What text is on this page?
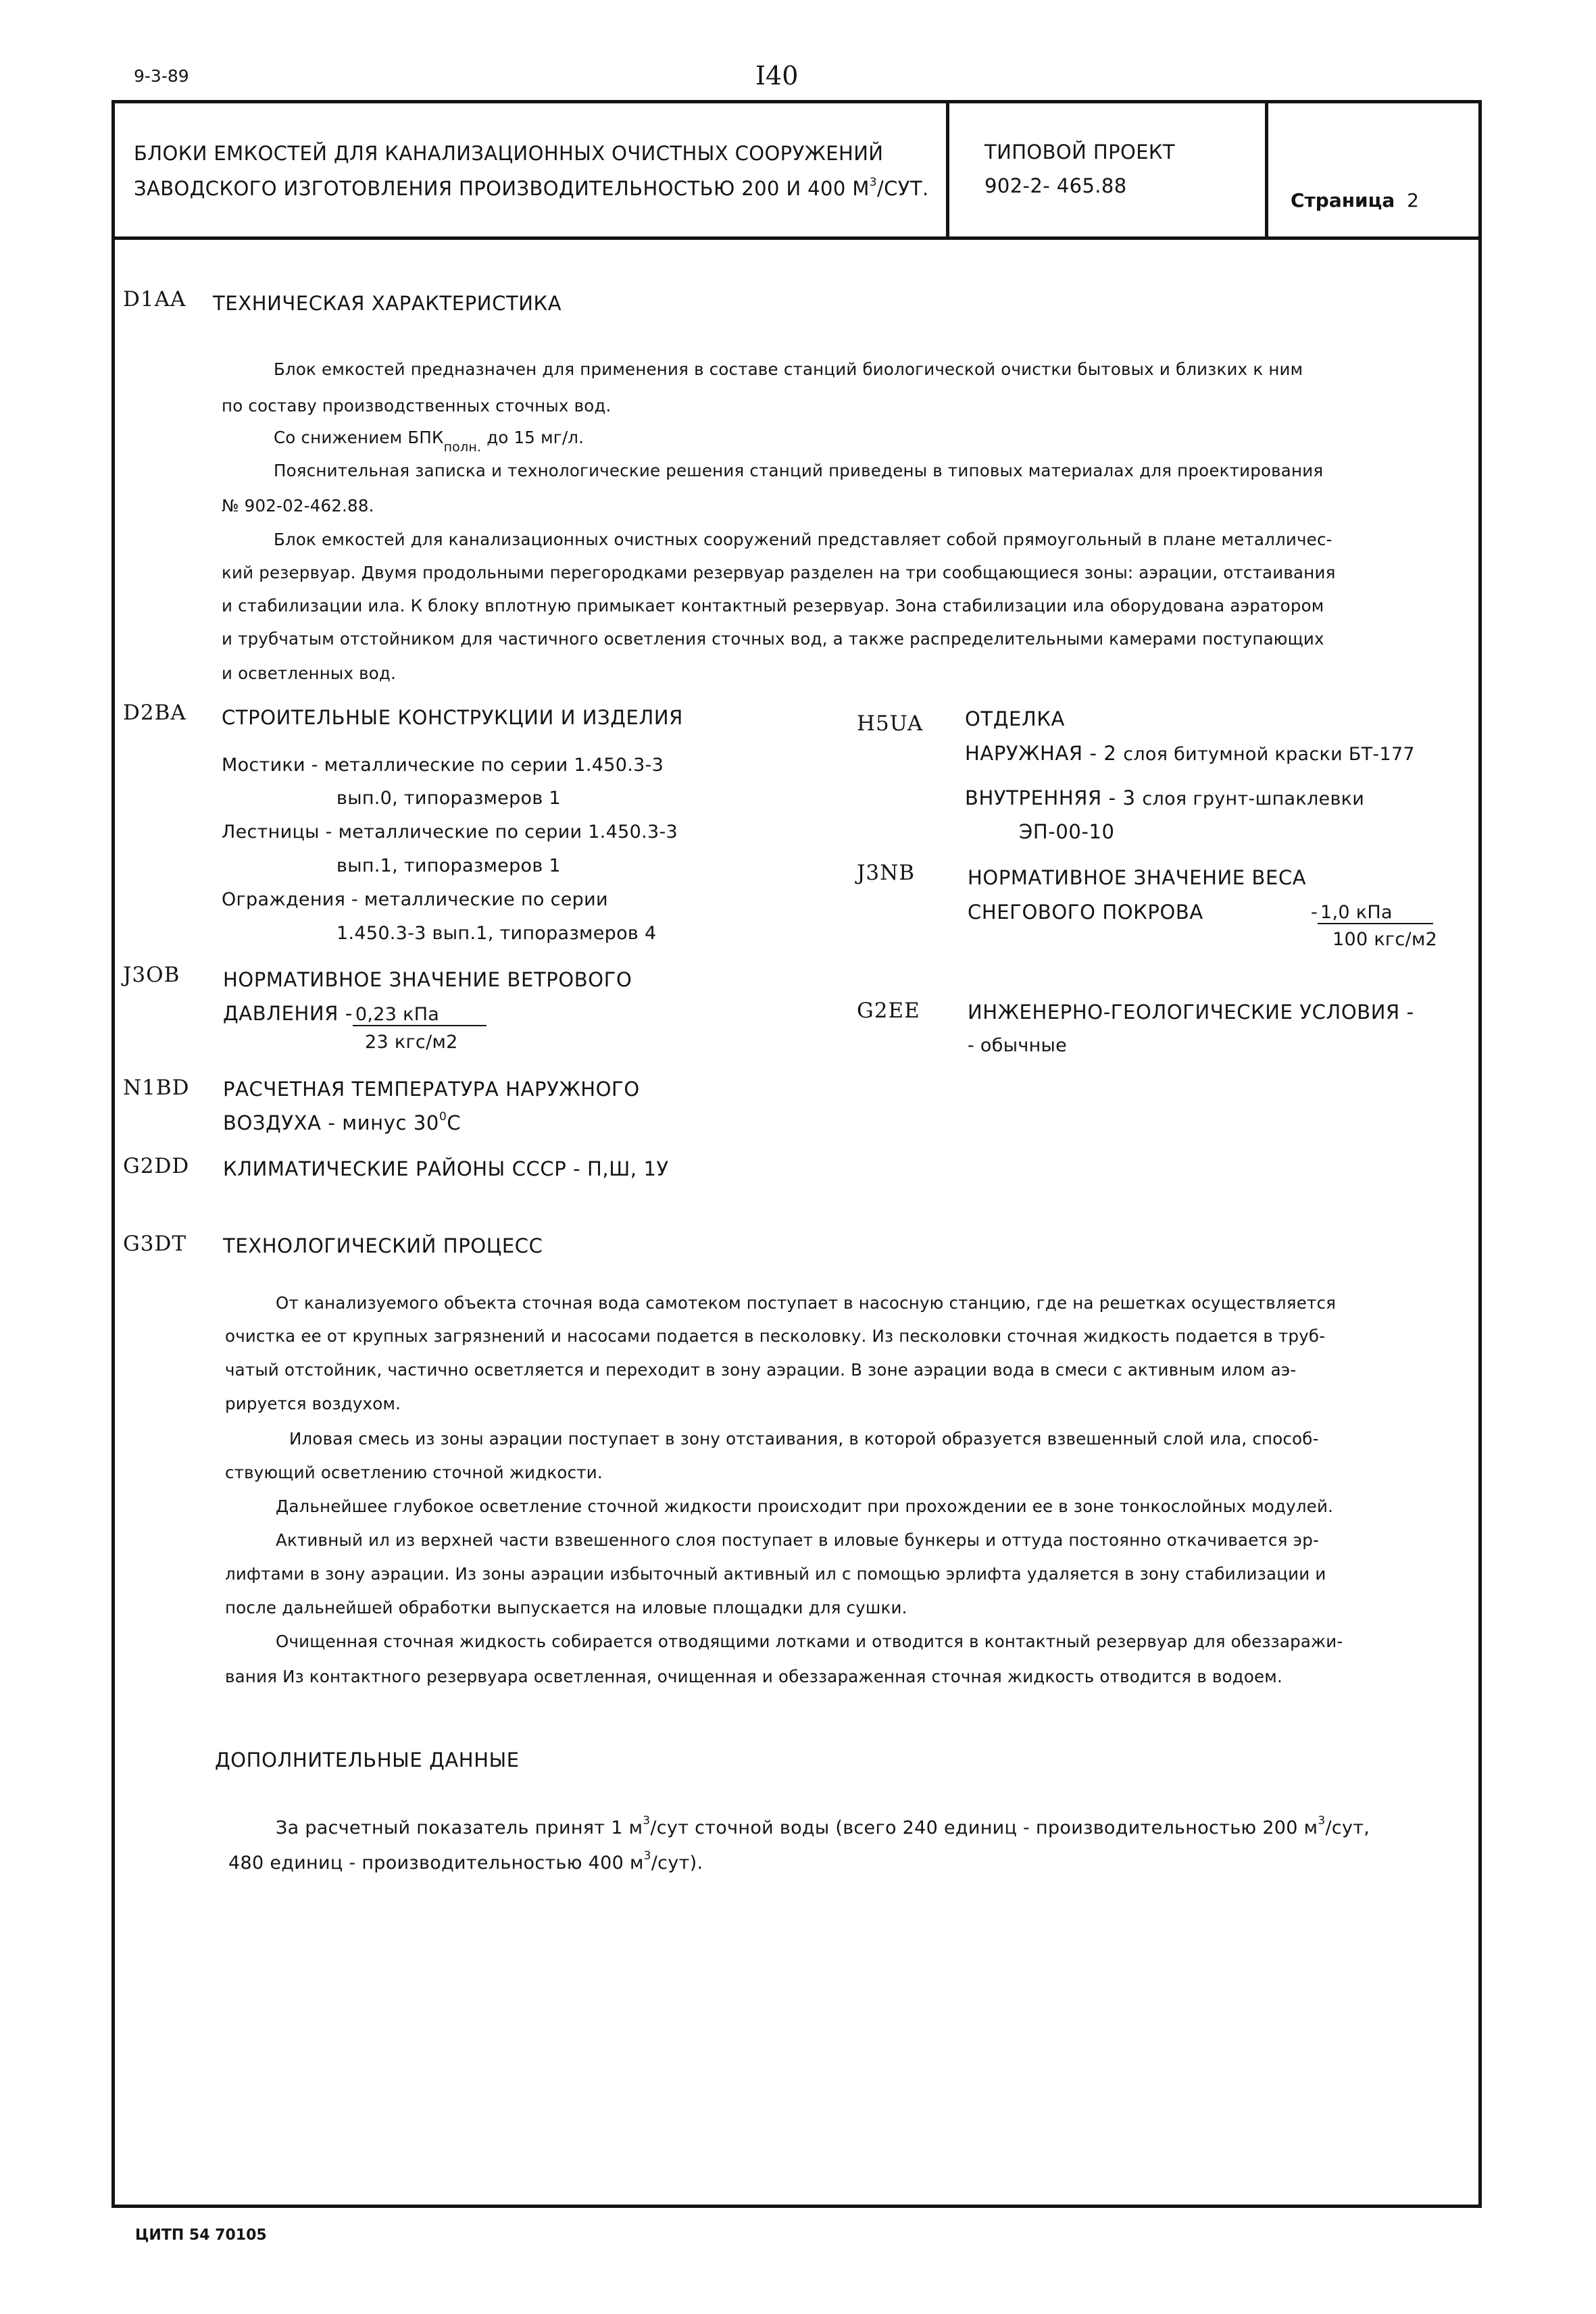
9-3-89	I40
БЛОКИ ЕМКОСТЕЙ ДЛЯ КАНАЛИЗАЦИОННЫХ ОЧИСТНЫХ СООРУЖЕНИЙ
ЗАВОДСКОГО ИЗГОТОВЛЕНИЯ ПРОИЗВОДИТЕЛЬНОСТЬЮ 200 И 400 $М^3$/СУТ.
ТИПОВОЙ ПРОЕКТ
902-2- 465.88
Страница 2
D1AA ТЕХНИЧЕСКАЯ ХАРАКТЕРИСТИКА
Блок емкостей предназначен для применения в составе станций биологической очистки бытовых и близких к ним
по составу производственных сточных вод.
Со снижением $БПК_{полн.}$ до 15 мг/л.
Пояснительная записка и технологические решения станций приведены в типовых материалах для проектирования
№ 902-02-462.88.
Блок емкостей для канализационных очистных сооружений представляет собой прямоугольный в плане металличес-
кий резервуар. Двумя продольными перегородками резервуар разделен на три сообщающиеся зоны: аэрации, отстаивания
и стабилизации ила. К блоку вплотную примыкает контактный резервуар. Зона стабилизации ила оборудована аэратором
и трубчатым отстойником для частичного осветления сточных вод, а также распределительными камерами поступающих
и осветленных вод.
D2BA СТРОИТЕЛЬНЫЕ КОНСТРУКЦИИ И ИЗДЕЛИЯ
Мостики - металлические по серии 1.450.3-3
вып.0, типоразмеров 1
Лестницы - металлические по серии 1.450.3-3
вып.1, типоразмеров 1
Ограждения - металлические по серии
1.450.3-3 вып.1, типоразмеров 4
H5UA ОТДЕЛКА
НАРУЖНАЯ - 2 слоя битумной краски БТ-177
ВНУТРЕННЯЯ - 3 слоя грунт-шпаклевки
ЭП-00-10
J3NB	НОРМАТИВНОЕ ЗНАЧЕНИЕ ВЕСА
СНЕГОВОГО ПОКРОВА	- 1,0 кПа
100 кгс/м2
J3OB НОРМАТИВНОЕ ЗНАЧЕНИЕ ВЕТРОВОГО
ДАВЛЕНИЯ - 0,23 кПа
23 кгс/м2
G2EE ИНЖЕНЕРНО-ГЕОЛОГИЧЕСКИЕ УСЛОВИЯ -
- обычные
N1BD РАСЧЕТНАЯ ТЕМПЕРАТУРА НАРУЖНОГО
ВОЗДУХА - минус $30^0С$
G2DD КЛИМАТИЧЕСКИЕ РАЙОНЫ СССР - П,Ш, 1У
G3DT ТЕХНОЛОГИЧЕСКИЙ ПРОЦЕСС
От канализуемого объекта сточная вода самотеком поступает в насосную станцию, где на решетках осуществляется
очистка ее от крупных загрязнений и насосами подается в песколовку. Из песколовки сточная жидкость подается в труб-
чатый отстойник, частично осветляется и переходит в зону аэрации. В зоне аэрации вода в смеси с активным илом аэ-
рируется воздухом.
Иловая смесь из зоны аэрации поступает в зону отстаивания, в которой образуется взвешенный слой ила, способ-
ствующий осветлению сточной жидкости.
Дальнейшее глубокое осветление сточной жидкости происходит при прохождении ее в зоне тонкослойных модулей.
Активный ил из верхней части взвешенного слоя поступает в иловые бункеры и оттуда постоянно откачивается эр-
лифтами в зону аэрации. Из зоны аэрации избыточный активный ил с помощью эрлифта удаляется в зону стабилизации и
после дальнейшей обработки выпускается на иловые площадки для сушки.
Очищенная сточная жидкость собирается отводящими лотками и отводится в контактный резервуар для обеззаражи-
вания Из контактного резервуара осветленная, очищенная и обеззараженная сточная жидкость отводится в водоем.
ДОПОЛНИТЕЛЬНЫЕ ДАННЫЕ
За расчетный показатель принят 1 $м^3$/сут сточной воды (всего 240 единиц - производительностью 200 $м^3$/сут,
480 единиц - производительностью 400 $м^3/сут$).
ЦИТП 54 70105
